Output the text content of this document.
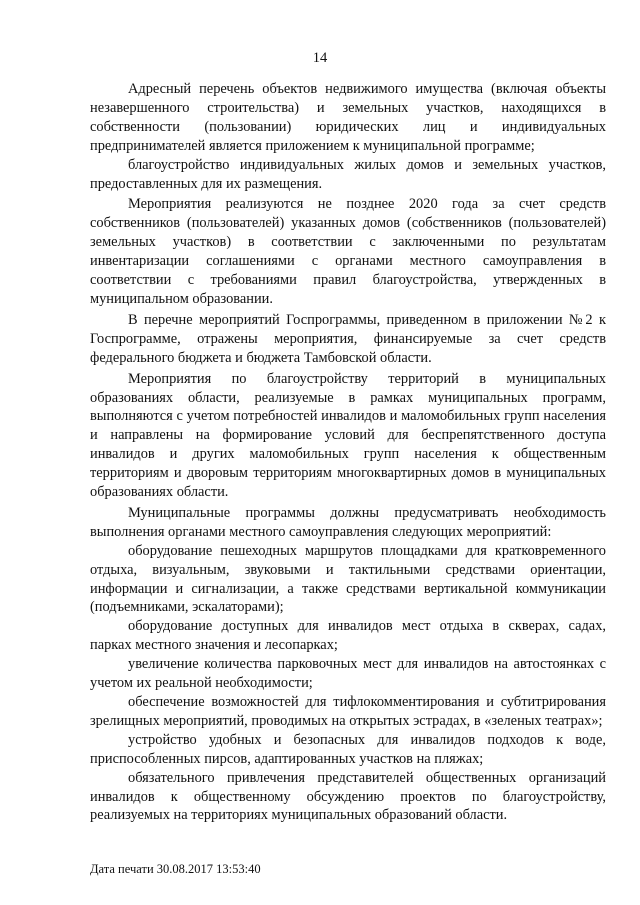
14

Адресный перечень объектов недвижимого имущества (включая объекты незавершенного строительства) и земельных участков, находящихся в собственности (пользовании) юридических лиц и индивидуальных предпринимателей является приложением к муниципальной программе;

благоустройство индивидуальных жилых домов и земельных участков, предоставленных для их размещения.

Мероприятия реализуются не позднее 2020 года за счет средств собственников (пользователей) указанных домов (собственников (пользователей) земельных участков) в соответствии с заключенными по результатам инвентаризации соглашениями с органами местного самоуправления в соответствии с требованиями правил благоустройства, утвержденных в муниципальном образовании.

В перечне мероприятий Госпрограммы, приведенном в приложении №2 к Госпрограмме, отражены мероприятия, финансируемые за счет средств федерального бюджета и бюджета Тамбовской области.

Мероприятия по благоустройству территорий в муниципальных образованиях области, реализуемые в рамках муниципальных программ, выполняются с учетом потребностей инвалидов и маломобильных групп населения и направлены на формирование условий для беспрепятственного доступа инвалидов и других маломобильных групп населения к общественным территориям и дворовым территориям многоквартирных домов в муниципальных образованиях области.

Муниципальные программы должны предусматривать необходимость выполнения органами местного самоуправления следующих мероприятий:

оборудование пешеходных маршрутов площадками для кратковременного отдыха, визуальным, звуковыми и тактильными средствами ориентации, информации и сигнализации, а также средствами вертикальной коммуникации (подъемниками, эскалаторами);

оборудование доступных для инвалидов мест отдыха в скверах, садах, парках местного значения и лесопарках;

увеличение количества парковочных мест для инвалидов на автостоянках с учетом их реальной необходимости;

обеспечение возможностей для тифлокомментирования и субтитрирования зрелищных мероприятий, проводимых на открытых эстрадах, в «зеленых театрах»;

устройство удобных и безопасных для инвалидов подходов к воде, приспособленных пирсов, адаптированных участков на пляжах;

обязательного привлечения представителей общественных организаций инвалидов к общественному обсуждению проектов по благоустройству, реализуемых на территориях муниципальных образований области.

Дата печати 30.08.2017 13:53:40
